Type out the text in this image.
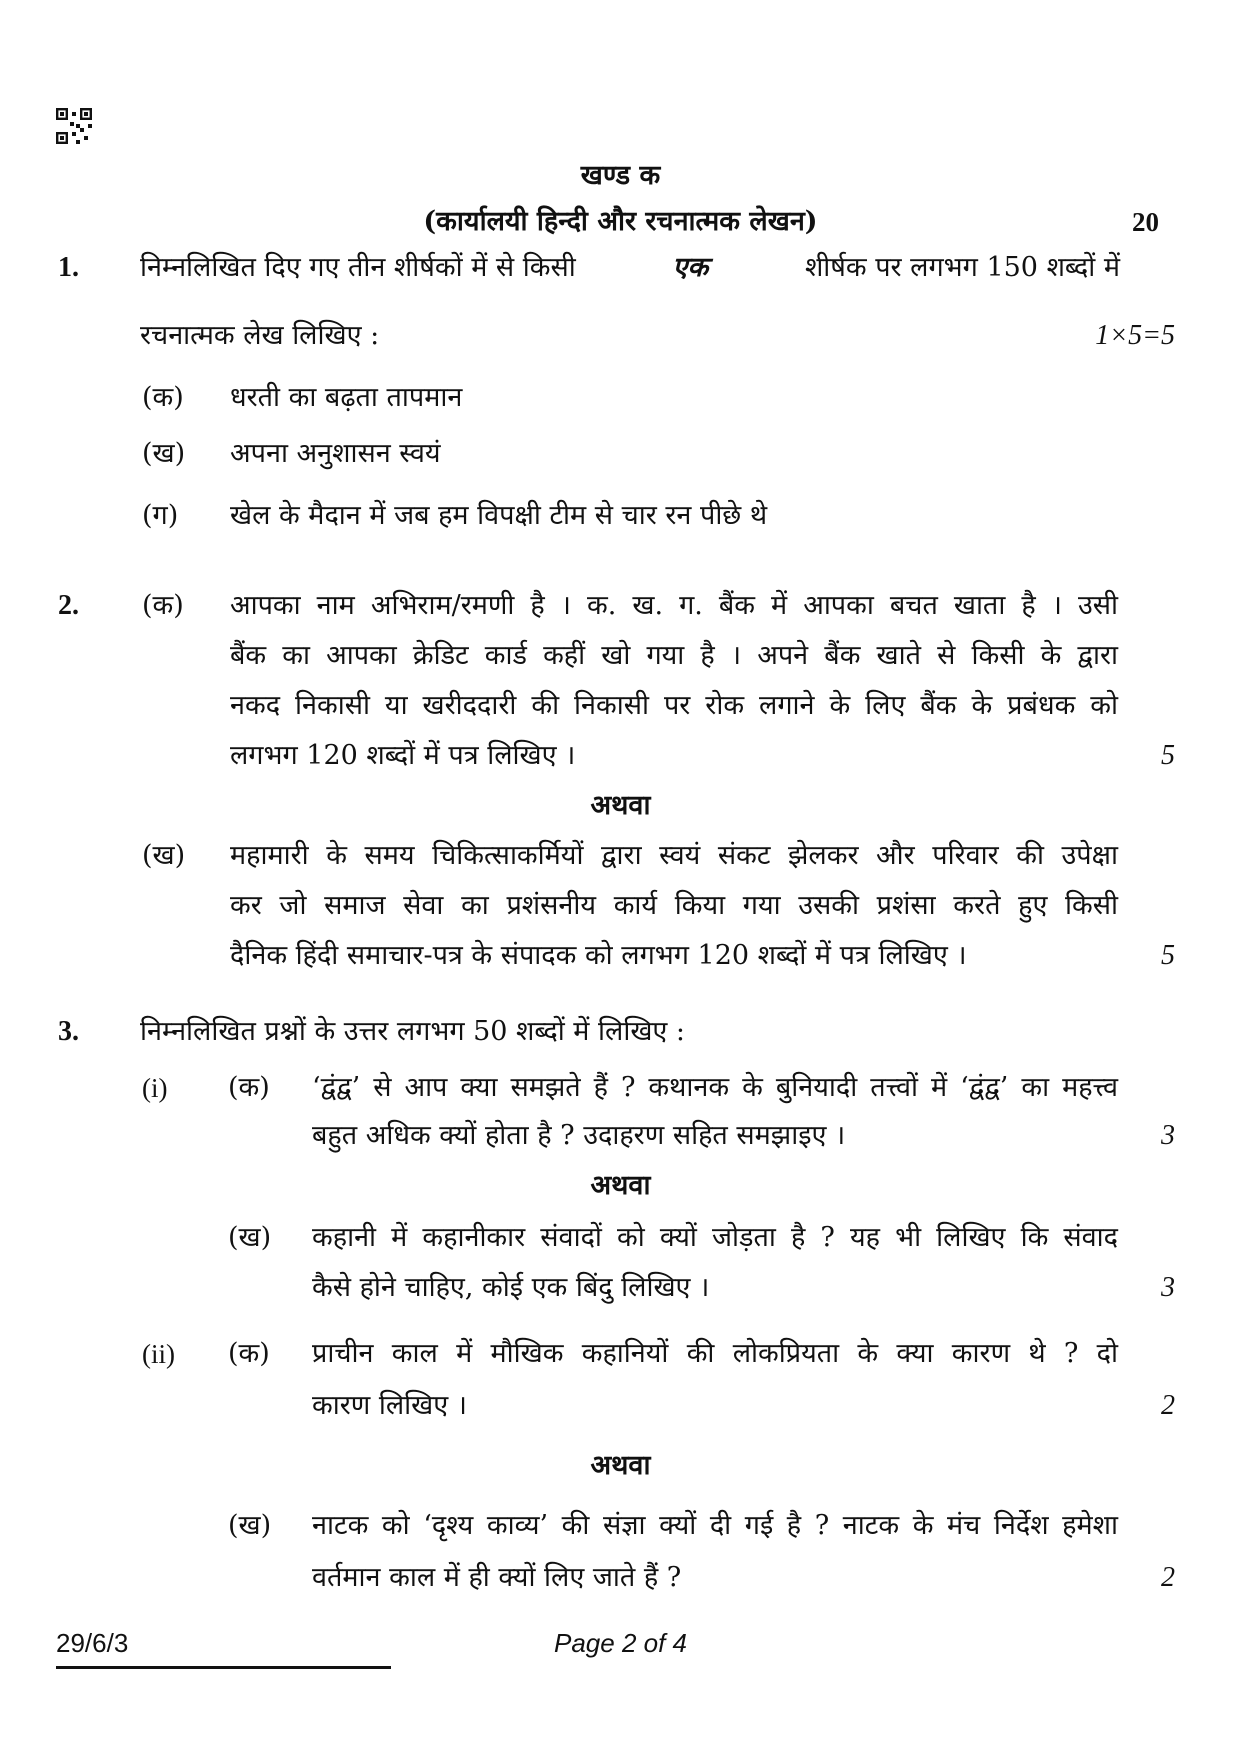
खण्ड क
(कार्यालयी हिन्दी और रचनात्मक लेखन)	20
1. निम्नलिखित दिए गए तीन शीर्षकों में से किसी	एक	शीर्षक पर लगभग 150 शब्दों में
रचनात्मक लेख लिखिए :	1×5=5
(क) धरती का बढ़ता तापमान
(ख) अपना अनुशासन स्वयं
(ग) खेल के मैदान में जब हम विपक्षी टीम से चार रन पीछे थे
2. (क) आपका नाम अभिराम/रमणी है । क. ख. ग. बैंक में आपका बचत खाता है । उसी
बैंक का आपका क्रेडिट कार्ड कहीं खो गया है । अपने बैंक खाते से किसी के द्वारा
नकद निकासी या खरीददारी की निकासी पर रोक लगाने के लिए बैंक के प्रबंधक को
लगभग 120 शब्दों में पत्र लिखिए ।	5
अथवा
(ख) महामारी के समय चिकित्साकर्मियों द्वारा स्वयं संकट झेलकर और परिवार की उपेक्षा
कर जो समाज सेवा का प्रशंसनीय कार्य किया गया उसकी प्रशंसा करते हुए किसी
दैनिक हिंदी समाचार-पत्र के संपादक को लगभग 120 शब्दों में पत्र लिखिए ।	5
3. निम्नलिखित प्रश्नों के उत्तर लगभग 50 शब्दों में लिखिए :
(i) (क) ‘द्वंद्व’ से आप क्या समझते हैं ? कथानक के बुनियादी तत्त्वों में ‘द्वंद्व’ का महत्त्व
बहुत अधिक क्यों होता है ? उदाहरण सहित समझाइए ।	3
अथवा
(ख) कहानी में कहानीकार संवादों को क्यों जोड़ता है ? यह भी लिखिए कि संवाद
कैसे होने चाहिए, कोई एक बिंदु लिखिए ।	3
(ii) (क) प्राचीन काल में मौखिक कहानियों की लोकप्रियता के क्या कारण थे ? दो
कारण लिखिए ।	2
अथवा
(ख) नाटक को ‘दृश्य काव्य’ की संज्ञा क्यों दी गई है ? नाटक के मंच निर्देश हमेशा
वर्तमान काल में ही क्यों लिए जाते हैं ?	2
29/6/3	Page 2 of 4
